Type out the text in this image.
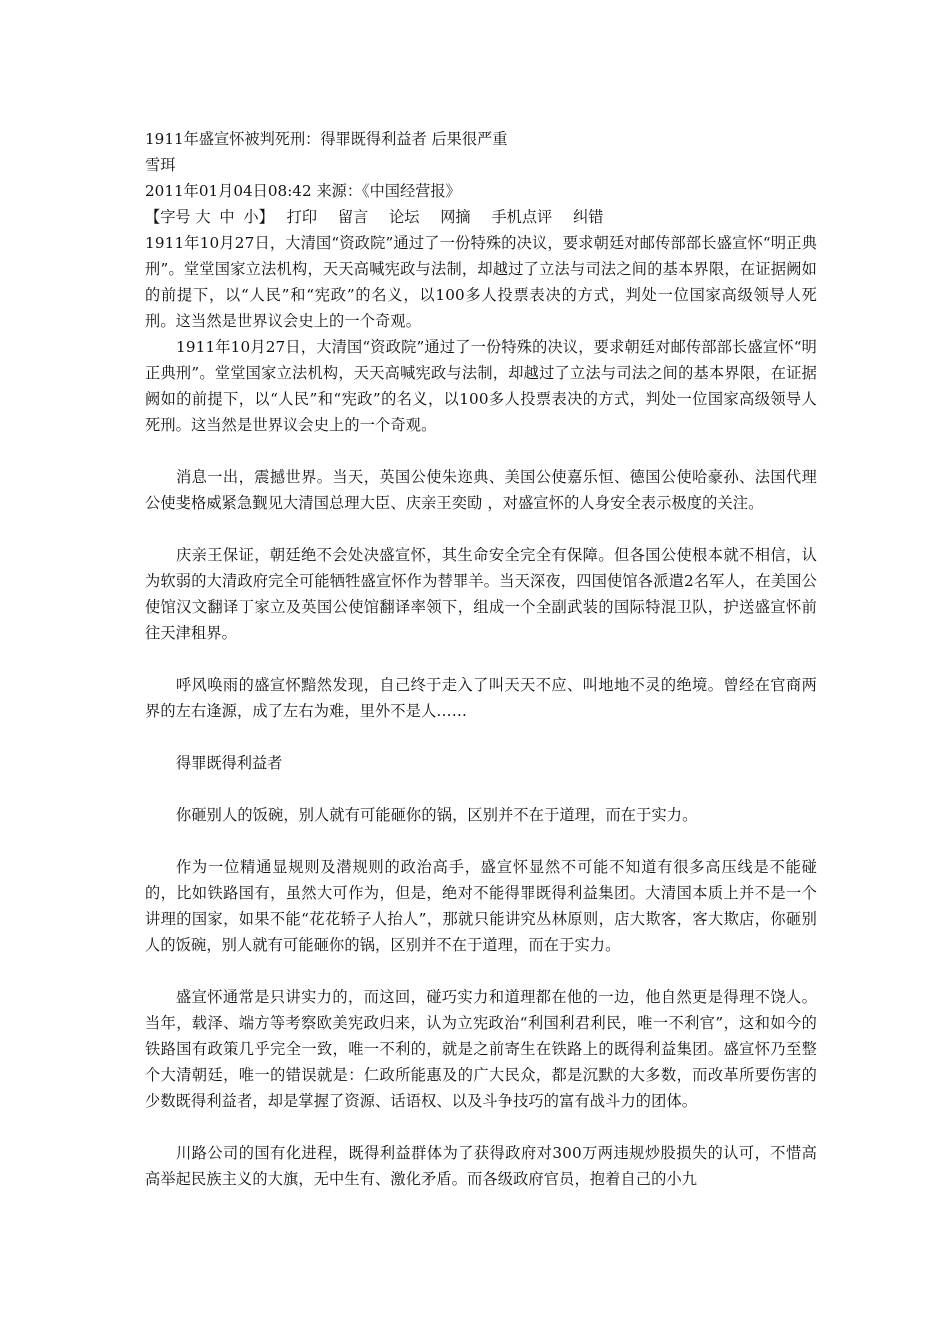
1911年盛宣怀被判死刑：得罪既得利益者 后果很严重

雪珥

2011年01月04日08:42 来源：《中国经营报》

【字号 大 中 小】 打印 留言 论坛 网摘 手机点评 纠错

1911年10月27日，大清国“资政院”通过了一份特殊的决议，要求朝廷对邮传部部长盛宣怀“明正典刑”。堂堂国家立法机构，天天高喊宪政与法制，却越过了立法与司法之间的基本界限，在证据阙如的前提下，以“人民”和“宪政”的名义，以100多人投票表决的方式，判处一位国家高级领导人死刑。这当然是世界议会史上的一个奇观。

1911年10月27日，大清国“资政院”通过了一份特殊的决议，要求朝廷对邮传部部长盛宣怀“明正典刑”。堂堂国家立法机构，天天高喊宪政与法制，却越过了立法与司法之间的基本界限，在证据阙如的前提下，以“人民”和“宪政”的名义，以100多人投票表决的方式，判处一位国家高级领导人死刑。这当然是世界议会史上的一个奇观。

消息一出，震撼世界。当天，英国公使朱迩典、美国公使嘉乐恒、德国公使哈豪孙、法国代理公使斐格威紧急觐见大清国总理大臣、庆亲王奕劻 ，对盛宣怀的人身安全表示极度的关注。

庆亲王保证，朝廷绝不会处决盛宣怀，其生命安全完全有保障。但各国公使根本就不相信，认为软弱的大清政府完全可能牺牲盛宣怀作为替罪羊。当天深夜，四国使馆各派遣2名军人，在美国公使馆汉文翻译丁家立及英国公使馆翻译率领下，组成一个全副武装的国际特混卫队，护送盛宣怀前往天津租界。

呼风唤雨的盛宣怀黯然发现，自己终于走入了叫天天不应、叫地地不灵的绝境。曾经在官商两界的左右逢源，成了左右为难，里外不是人……

得罪既得利益者

你砸别人的饭碗，别人就有可能砸你的锅，区别并不在于道理，而在于实力。

作为一位精通显规则及潜规则的政治高手，盛宣怀显然不可能不知道有很多高压线是不能碰的，比如铁路国有，虽然大可作为，但是，绝对不能得罪既得利益集团。大清国本质上并不是一个讲理的国家，如果不能“花花轿子人抬人”，那就只能讲究丛林原则，店大欺客，客大欺店，你砸别人的饭碗，别人就有可能砸你的锅，区别并不在于道理，而在于实力。

盛宣怀通常是只讲实力的，而这回，碰巧实力和道理都在他的一边，他自然更是得理不饶人。当年，载泽、端方等考察欧美宪政归来，认为立宪政治“利国利君利民，唯一不利官”，这和如今的铁路国有政策几乎完全一致，唯一不利的，就是之前寄生在铁路上的既得利益集团。盛宣怀乃至整个大清朝廷，唯一的错误就是：仁政所能惠及的广大民众，都是沉默的大多数，而改革所要伤害的少数既得利益者，却是掌握了资源、话语权、以及斗争技巧的富有战斗力的团体。

川路公司的国有化进程，既得利益群体为了获得政府对300万两违规炒股损失的认可，不惜高高举起民族主义的大旗，无中生有、激化矛盾。而各级政府官员，抱着自己的小九
